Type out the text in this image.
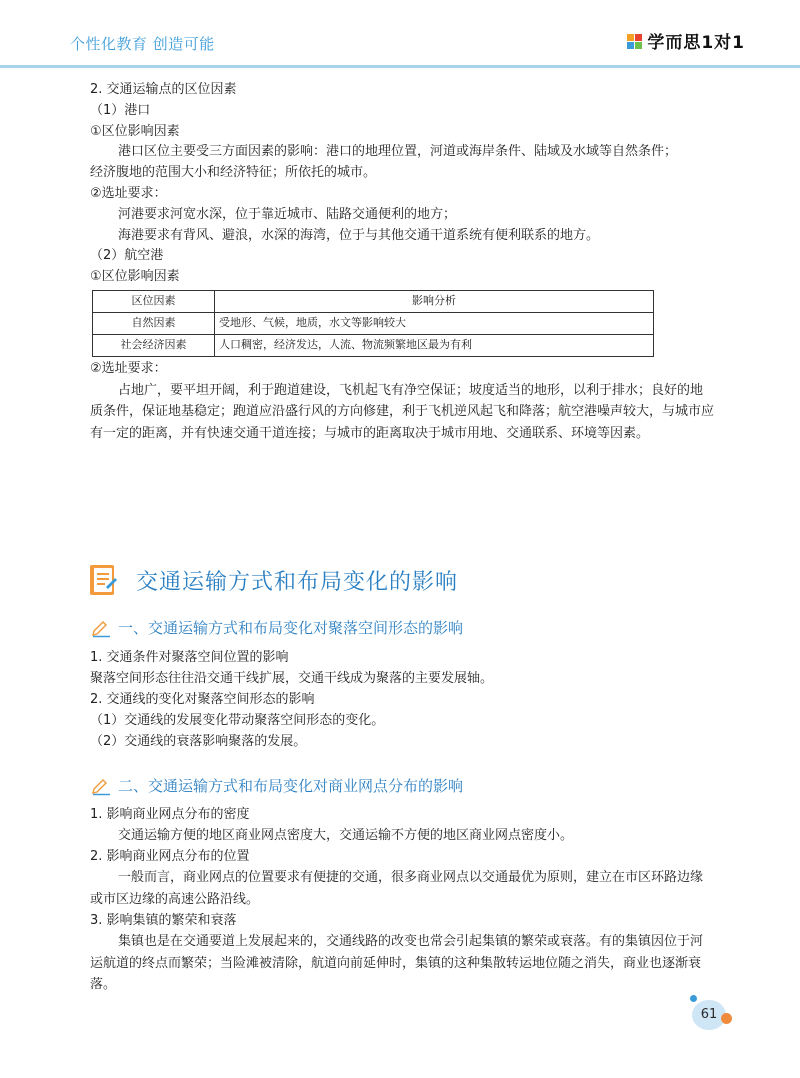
个性化教育 创造可能	学而思1对1
2. 交通运输点的区位因素
（1）港口
①区位影响因素
港口区位主要受三方面因素的影响：港口的地理位置，河道或海岸条件、陆域及水域等自然条件；
经济腹地的范围大小和经济特征；所依托的城市。
②选址要求：
河港要求河宽水深，位于靠近城市、陆路交通便利的地方；
海港要求有背风、避浪，水深的海湾，位于与其他交通干道系统有便利联系的地方。
（2）航空港
①区位影响因素
区位因素	影响分析
自然因素	受地形、气候，地质，水文等影响较大
社会经济因素	人口稠密，经济发达，人流、物流频繁地区最为有利
②选址要求：
占地广，要平坦开阔，利于跑道建设，飞机起飞有净空保证；坡度适当的地形，以利于排水；良好的地质条件，保证地基稳定；跑道应沿盛行风的方向修建，利于飞机逆风起飞和降落；航空港噪声较大，与城市应有一定的距离，并有快速交通干道连接；与城市的距离取决于城市用地、交通联系、环境等因素。
交通运输方式和布局变化的影响
一、交通运输方式和布局变化对聚落空间形态的影响
1. 交通条件对聚落空间位置的影响
聚落空间形态往往沿交通干线扩展，交通干线成为聚落的主要发展轴。
2. 交通线的变化对聚落空间形态的影响
（1）交通线的发展变化带动聚落空间形态的变化。
（2）交通线的衰落影响聚落的发展。
二、交通运输方式和布局变化对商业网点分布的影响
1. 影响商业网点分布的密度
交通运输方便的地区商业网点密度大，交通运输不方便的地区商业网点密度小。
2. 影响商业网点分布的位置
一般而言，商业网点的位置要求有便捷的交通，很多商业网点以交通最优为原则，建立在市区环路边缘或市区边缘的高速公路沿线。
3. 影响集镇的繁荣和衰落
集镇也是在交通要道上发展起来的，交通线路的改变也常会引起集镇的繁荣或衰落。有的集镇因位于河运航道的终点而繁荣；当险滩被清除，航道向前延伸时，集镇的这种集散转运地位随之消失，商业也逐渐衰落。
61
